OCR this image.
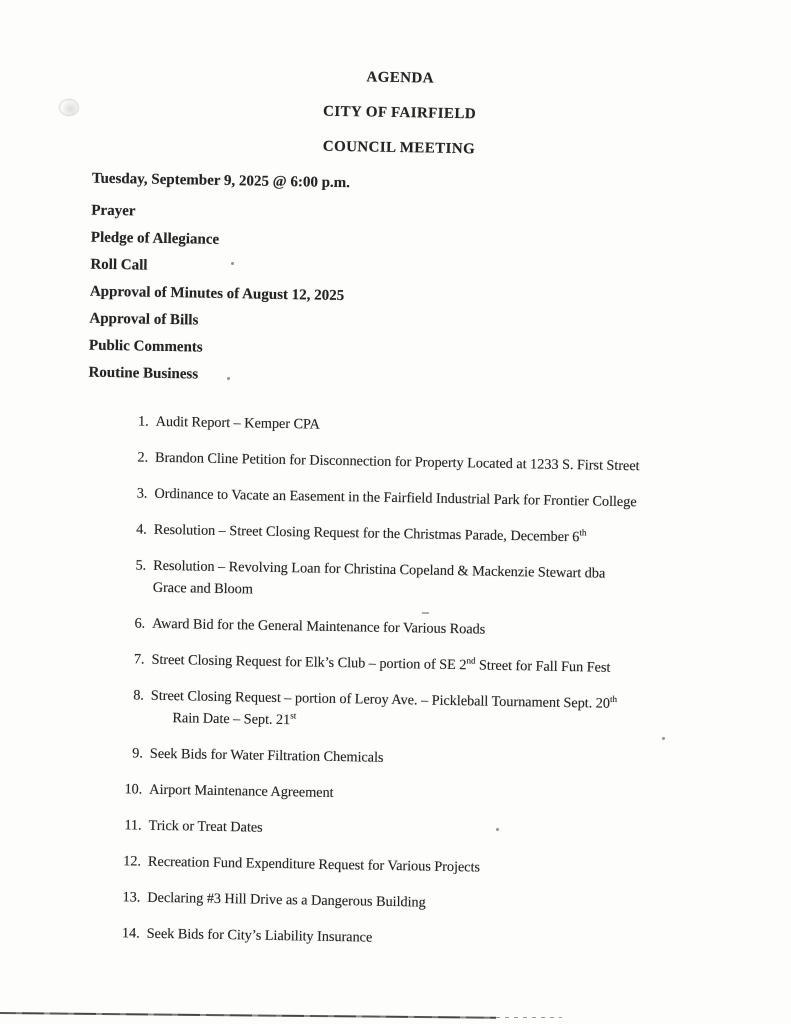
AGENDA
CITY OF FAIRFIELD
COUNCIL MEETING
Tuesday, September 9, 2025 @ 6:00 p.m.
Prayer
Pledge of Allegiance
Roll Call
Approval of Minutes of August 12, 2025
Approval of Bills
Public Comments
Routine Business
1. Audit Report – Kemper CPA
2. Brandon Cline Petition for Disconnection for Property Located at 1233 S. First Street
3. Ordinance to Vacate an Easement in the Fairfield Industrial Park for Frontier College
4. Resolution – Street Closing Request for the Christmas Parade, December 6th
5. Resolution – Revolving Loan for Christina Copeland & Mackenzie Stewart dba
Grace and Bloom
6. Award Bid for the General Maintenance for Various Roads
7. Street Closing Request for Elk’s Club – portion of SE 2nd Street for Fall Fun Fest
8. Street Closing Request – portion of Leroy Ave. – Pickleball Tournament Sept. 20th
Rain Date – Sept. 21st
9. Seek Bids for Water Filtration Chemicals
10. Airport Maintenance Agreement
11. Trick or Treat Dates
12. Recreation Fund Expenditure Request for Various Projects
13. Declaring #3 Hill Drive as a Dangerous Building
14. Seek Bids for City’s Liability Insurance
